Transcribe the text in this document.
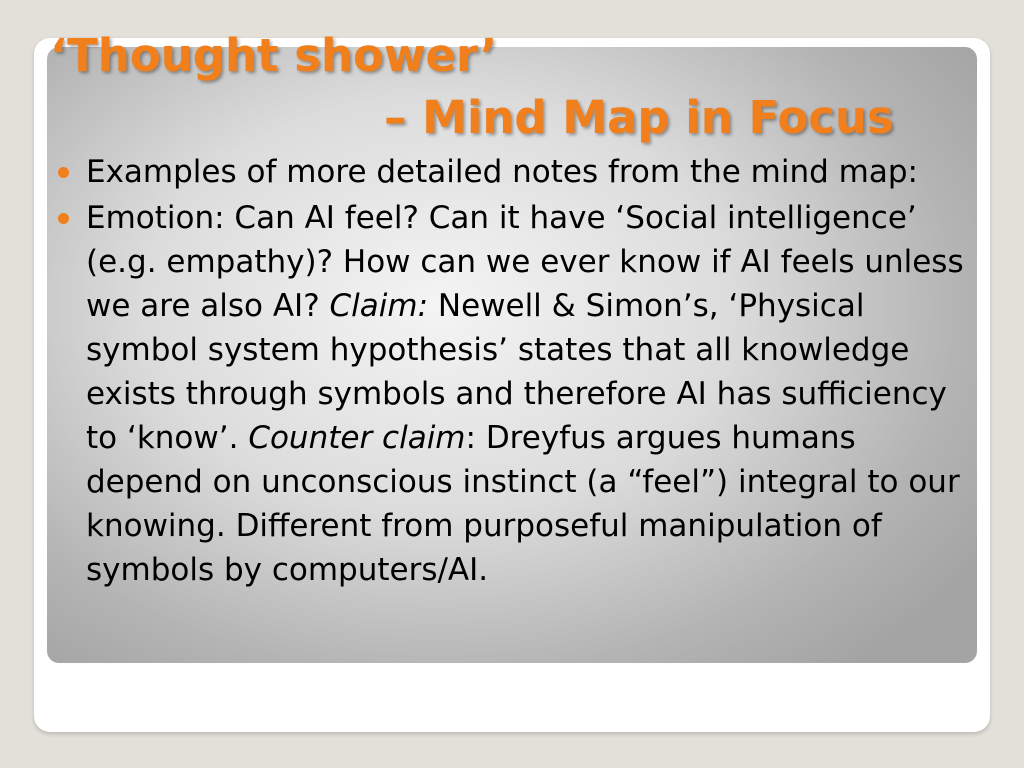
‘Thought shower’
– Mind Map in Focus
Examples of more detailed notes from the mind map:
Emotion: Can AI feel? Can it have ‘Social intelligence’ (e.g. empathy)? How can we ever know if AI feels unless we are also AI? Claim: Newell & Simon’s, ‘Physical symbol system hypothesis’ states that all knowledge exists through symbols and therefore AI has sufficiency to ‘know’. Counter claim: Dreyfus argues humans depend on unconscious instinct (a “feel”) integral to our knowing. Different from purposeful manipulation of symbols by computers/AI.
